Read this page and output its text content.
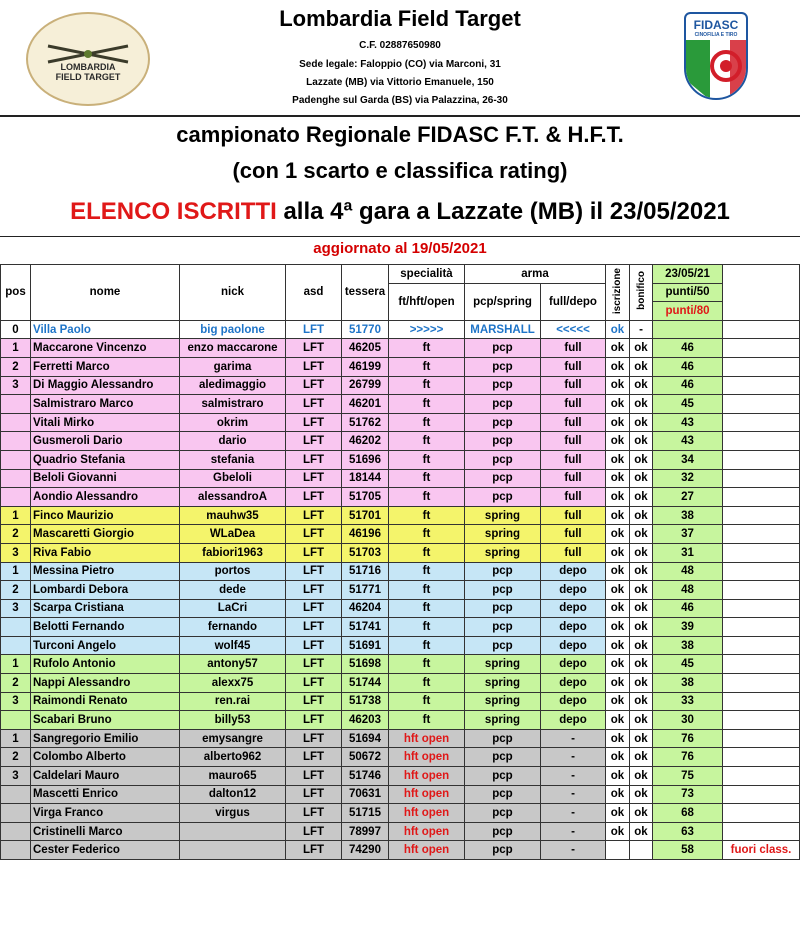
LOMBARDIA
FIELD TARGET
Lombardia Field Target
C.F. 02887650980
Sede legale: Faloppio (CO) via Marconi, 31
Lazzate (MB) via Vittorio Emanuele, 150
Padenghe sul Garda (BS) via Palazzina, 26-30
FIDASC
CINOFILIA E TIRO
campionato Regionale FIDASC F.T. & H.F.T.
(con 1 scarto e classifica rating)
ELENCO ISCRITTI alla 4ª gara a Lazzate (MB) il 23/05/2021
aggiornato al 19/05/2021
pos	nome	nick	asd	tessera	specialità	arma		iscrizione	bonifico	23/05/21	
					ft/hft/open	pcp/spring	full/depo			punti/50	
										punti/80	
0	Villa Paolo	big paolone	LFT	51770	>>>>>	MARSHALL	<<<<<	ok	-		
1	Maccarone Vincenzo	enzo maccarone	LFT	46205	ft	pcp	full	ok	ok	46	
2	Ferretti Marco	garima	LFT	46199	ft	pcp	full	ok	ok	46	
3	Di Maggio Alessandro	aledimaggio	LFT	26799	ft	pcp	full	ok	ok	46	
	Salmistraro Marco	salmistraro	LFT	46201	ft	pcp	full	ok	ok	45	
	Vitali Mirko	okrim	LFT	51762	ft	pcp	full	ok	ok	43	
	Gusmeroli Dario	dario	LFT	46202	ft	pcp	full	ok	ok	43	
	Quadrio Stefania	stefania	LFT	51696	ft	pcp	full	ok	ok	34	
	Beloli Giovanni	Gbeloli	LFT	18144	ft	pcp	full	ok	ok	32	
	Aondio Alessandro	alessandroA	LFT	51705	ft	pcp	full	ok	ok	27	
1	Finco Maurizio	mauhw35	LFT	51701	ft	spring	full	ok	ok	38	
2	Mascaretti Giorgio	WLaDea	LFT	46196	ft	spring	full	ok	ok	37	
3	Riva Fabio	fabiori1963	LFT	51703	ft	spring	full	ok	ok	31	
1	Messina Pietro	portos	LFT	51716	ft	pcp	depo	ok	ok	48	
2	Lombardi Debora	dede	LFT	51771	ft	pcp	depo	ok	ok	48	
3	Scarpa Cristiana	LaCri	LFT	46204	ft	pcp	depo	ok	ok	46	
	Belotti Fernando	fernando	LFT	51741	ft	pcp	depo	ok	ok	39	
	Turconi Angelo	wolf45	LFT	51691	ft	pcp	depo	ok	ok	38	
1	Rufolo Antonio	antony57	LFT	51698	ft	spring	depo	ok	ok	45	
2	Nappi Alessandro	alexx75	LFT	51744	ft	spring	depo	ok	ok	38	
3	Raimondi Renato	ren.rai	LFT	51738	ft	spring	depo	ok	ok	33	
	Scabari Bruno	billy53	LFT	46203	ft	spring	depo	ok	ok	30	
1	Sangregorio Emilio	emysangre	LFT	51694	hft open	pcp	-	ok	ok	76	
2	Colombo Alberto	alberto962	LFT	50672	hft open	pcp	-	ok	ok	76	
3	Caldelari Mauro	mauro65	LFT	51746	hft open	pcp	-	ok	ok	75	
	Mascetti Enrico	dalton12	LFT	70631	hft open	pcp	-	ok	ok	73	
	Virga Franco	virgus	LFT	51715	hft open	pcp	-	ok	ok	68	
	Cristinelli Marco		LFT	78997	hft open	pcp	-	ok	ok	63	
	Cester Federico		LFT	74290	hft open	pcp	-			58	fuori class.
